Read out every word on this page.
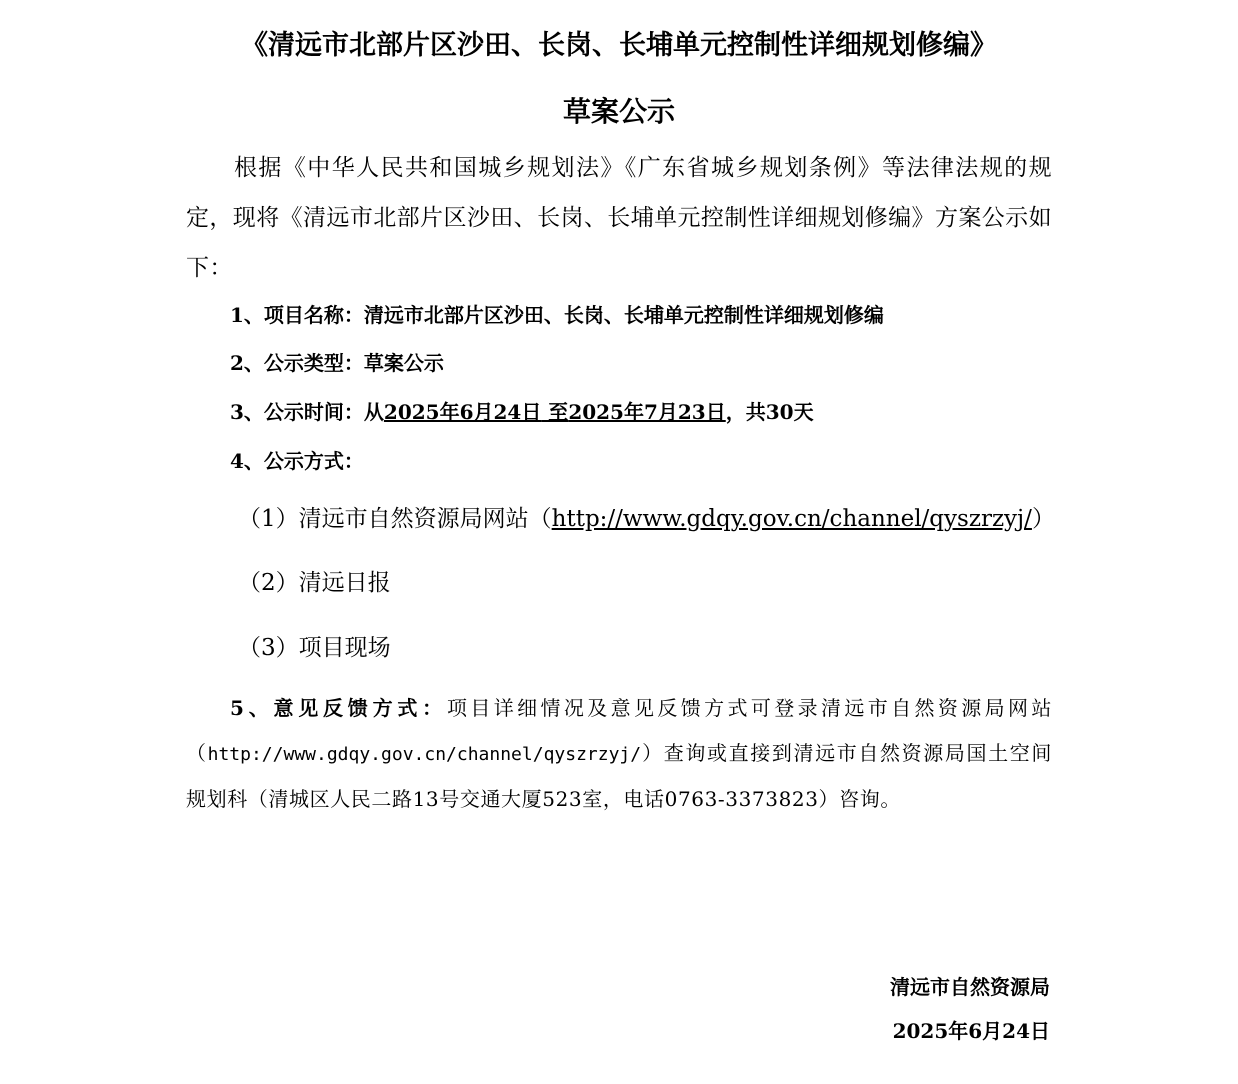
《清远市北部片区沙田、长岗、长埔单元控制性详细规划修编》
草案公示
根据《中华人民共和国城乡规划法》《广东省城乡规划条例》等法律法规的规定，现将《清远市北部片区沙田、长岗、长埔单元控制性详细规划修编》方案公示如下：
1、项目名称：清远市北部片区沙田、长岗、长埔单元控制性详细规划修编
2、公示类型：草案公示
3、公示时间：从2025年6月24日 至2025年7月23日，共30天
4、公示方式：
（1）清远市自然资源局网站（http://www.gdqy.gov.cn/channel/qyszrzyj/）
（2）清远日报
（3）项目现场
5、意见反馈方式：项目详细情况及意见反馈方式可登录清远市自然资源局网站（http://www.gdqy.gov.cn/channel/qyszrzyj/）查询或直接到清远市自然资源局国土空间规划科（清城区人民二路13号交通大厦523室，电话0763-3373823）咨询。
清远市自然资源局
2025年6月24日
